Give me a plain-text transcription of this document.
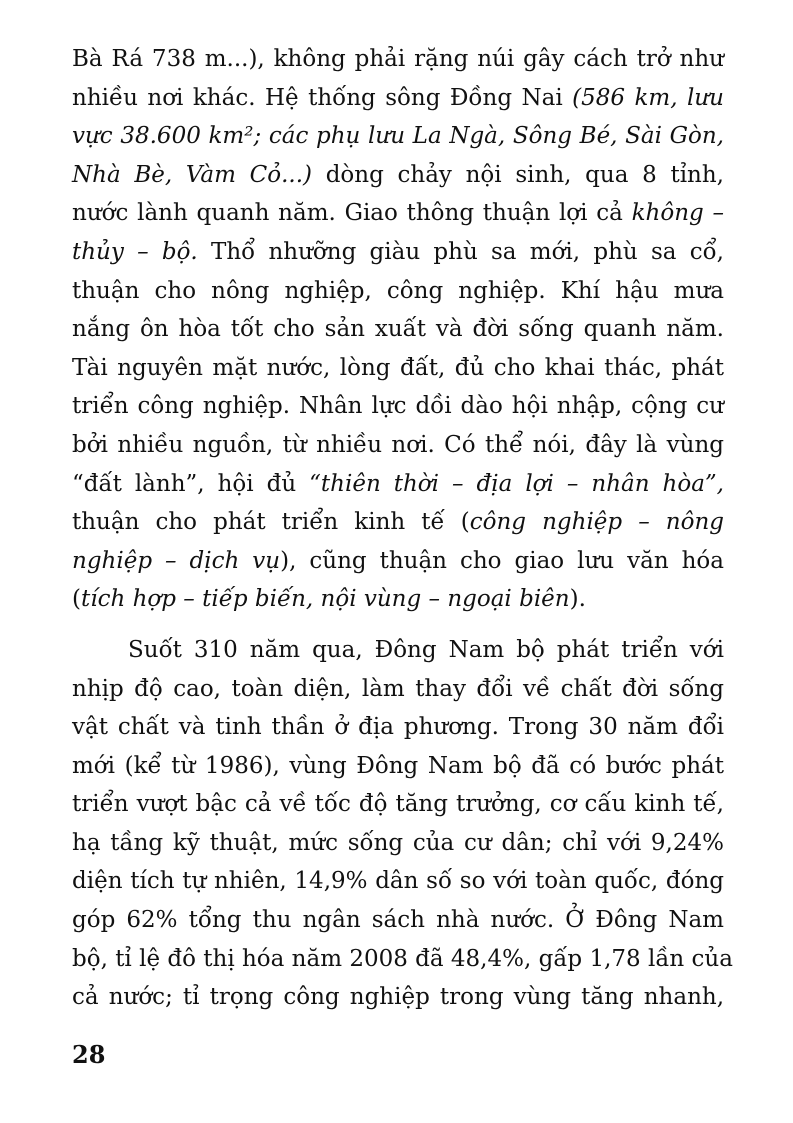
Bà Rá 738 m...), không phải rặng núi gây cách trở như
nhiều nơi khác. Hệ thống sông Đồng Nai (586 km, lưu
vực 38.600 km²; các phụ lưu La Ngà, Sông Bé, Sài Gòn,
Nhà Bè, Vàm Cỏ...) dòng chảy nội sinh, qua 8 tỉnh,
nước lành quanh năm. Giao thông thuận lợi cả không –
thủy – bộ. Thổ nhưỡng giàu phù sa mới, phù sa cổ,
thuận cho nông nghiệp, công nghiệp. Khí hậu mưa
nắng ôn hòa tốt cho sản xuất và đời sống quanh năm.
Tài nguyên mặt nước, lòng đất, đủ cho khai thác, phát
triển công nghiệp. Nhân lực dồi dào hội nhập, cộng cư
bởi nhiều nguồn, từ nhiều nơi. Có thể nói, đây là vùng
“đất lành”, hội đủ “thiên thời – địa lợi – nhân hòa”,
thuận cho phát triển kinh tế (công nghiệp – nông
nghiệp – dịch vụ), cũng thuận cho giao lưu văn hóa
(tích hợp – tiếp biến, nội vùng – ngoại biên).

Suốt 310 năm qua, Đông Nam bộ phát triển với
nhịp độ cao, toàn diện, làm thay đổi về chất đời sống
vật chất và tinh thần ở địa phương. Trong 30 năm đổi
mới (kể từ 1986), vùng Đông Nam bộ đã có bước phát
triển vượt bậc cả về tốc độ tăng trưởng, cơ cấu kinh tế,
hạ tầng kỹ thuật, mức sống của cư dân; chỉ với 9,24%
diện tích tự nhiên, 14,9% dân số so với toàn quốc, đóng
góp 62% tổng thu ngân sách nhà nước. Ở Đông Nam
bộ, tỉ lệ đô thị hóa năm 2008 đã 48,4%, gấp 1,78 lần của
cả nước; tỉ trọng công nghiệp trong vùng tăng nhanh,

28
